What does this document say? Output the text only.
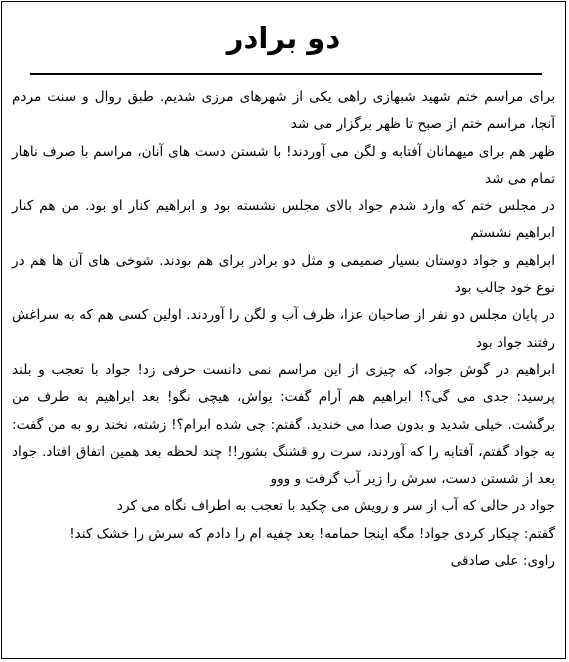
دو برادر

برای مراسم ختم شهید شبهازی راهی یکی از شهرهای مرزی شدیم. طبق روال و سنت مردم آنجا، مراسم ختم از صبح تا ظهر برگزار می شد

ظهر هم برای میهمانان آفتابه و لگن می آوردند! با شستن دست های آنان، مراسم با صرف ناهار تمام می شد

در مجلس ختم که وارد شدم جواد بالای مجلس نشسته بود و ابراهیم کنار او بود. من هم کنار ابراهیم نشستم

ابراهیم و جواد دوستان بسیار صمیمی و مثل دو برادر برای هم بودند. شوخی های آن ها هم در نوع خود جالب بود

در پایان مجلس دو نفر از صاحبان عزا، ظرف آب و لگن را آوردند. اولین کسی هم که به سراغش رفتند جواد بود

ابراهیم در گوش جواد، که چیزی از این مراسم نمی دانست حرفی زد! جواد با تعجب و بلند پرسید: جدی می گی؟! ابراهیم هم آرام گفت: یواش، هیچی نگو! بعد ابراهیم به طرف من برگشت. خیلی شدید و بدون صدا می خندید. گفتم: چی شده ابرام؟! زشته، نخند رو به من گفت: به جواد گفتم، آفتابه را که آوردند، سرت رو قشنگ بشور!! چند لحظه بعد همین اتفاق افتاد. جواد بعد از شستن دست، سرش را زیر آب گرفت و ووو

جواد در حالی که آب از سر و رویش می چکید با تعجب به اطراف نگاه می کرد

گفتم: چیکار کردی جواد! مگه اینجا حمامه! بعد چفیه ام را دادم که سرش را خشک کند!

راوی: علی صادقی
